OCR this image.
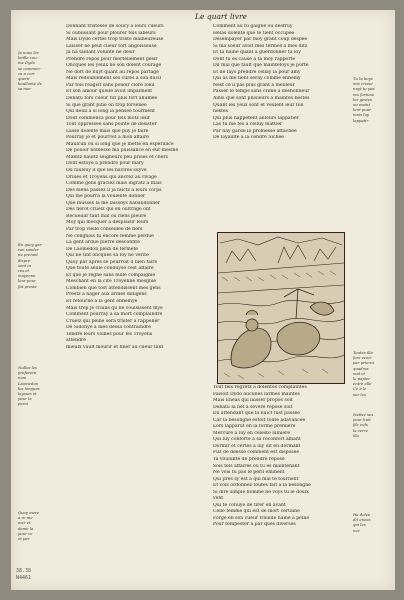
Le quart livre
Ja nous les
baille cou-
me Dydo
se commen-
ca a con-
querir
boullante de
sa mer
En quoy gar-
ron ronder
ne prenoit
dispre-
sent in
res et
moyenne
leur pour
fut preste
Nulles les
preferera
nom
Laomedon
les longues
laysses et
pour la
paroi
Quoy mere
a re me
mer et
dame la
pour ce
et par
Donnant tristesse de soucy a leurs cueurs
Si oublissant pour plourer tels labeurs
Mais Dydo certes trop triste malheureuse
Laisser ne peut cueur fort angoisseuse
Ja na taillant volunte ne desir
Prendre repos pour mortellement gesir
Oncques les yeulx ne son dolent courage
Ne dort de nuyt quant au repos partage
Mais redoublement ses cures a son ducil
Par fois reagist sans pouoir clore loeil
Et son amour quelle avoit impaiment
Debatu fors cueur fut plus fort allumee
Si que grant pitie on trop forsenee
Qui deuil a si long la pensee tourment
Dont commenca pour tels motz issir
Tout oppressee sans pointe de desister
Lasse dolente mais que puy je faire
Pourray je et pourroit a mon affaire
Maulcun ou si long que je mette en esperance
De pouoir noblesse ma puissance en eur mesme
Maintz haultz seigneurs peu prises et chers
Dont estoye a prendre pour mary
Ou faulsuy il que les navires suyve
Oriues et Troyens qui ancrez au rivage
Comme gens graciez mais ingratz a mais
Des biens passez il ja faictz a leurs corps
Qui me pourra la voulente donner
Que musses la me laissoys habandonner
Des fierot cruelz qui en oultrage ont
Recueillir tant mal ou riens pleure
Moy qui mocquer a desplaisir leurs
Par trop vielle conseillee de fiers
Ne congnois tu encore femme perdue
La gent ardue pierre desconfite
De Laomedon plein de fermete
Qui ne tint oncques sa foy ne verite
Quoy par apres se pourroit il bien faire
Que toute seule conduyse cest affaire
Et que je regne sans nulle compaignie
Meschant en la cite Troyenne mesgnie
Combien que tost attendissent mes gens
Prestz a nager aux armes dilligens
Et retourne a la gent ennemye
Mais trop je crains qu ne voulsissent mye
Comment pourray a sa mort complaindre
Cruelz qui peine sera traiter a rappeller
De Sidonye a mes dessa contraindre
Tendre leurs voilles pour les Troyens
attendre
mieulx vault mourir et finer au cueur tant
Comment au tu gaigne ou destruy
Helas dolente que te tient occupee
Desempayer par moy grant coup despee
Si ma soeur avoit mes termes a mes ditz
Et ta haine quant a guerdonner ta loy
Dont tu es cause a ta moy rapporte
Du mal que fault que maintefoys je porte
Et ne fays prendre cellay la pour amy
Qui as me tient seray comme ennemy
Nest ce il pas plus grant a meilleur
Passer le temps sans crime a deshonneur
Ainsi que sont plusieurs a maintes bestes
Quant les yeux sont et veulent leur fon
nestes
Qui plus nappetent ailleurs lappatier
Las tu me fes a celluy mattier
Par nay garde la promesse attachee
De loyaulte a la cendre Sichee
Tout tels regretz a dolentes complaintes
Faisoit Dydo aucunes larmes maintes
Mais Eneas qui laisser propos soit
Debatu la nef a severe repose soit
En attendant que la nuict fust passee
Car la besongne estoit toute adavancee
Lors lapparut en la forme premiere
Mercure a luy en celeste lumiere
Qui luy conforte a sa reconfort amant
Dormir et certes a luy dit en dormant
Filz de deesse comment est disposee
Ta voulunte de prendre repose
Sois tels affaires ou tu es maintenant
Ne vois tu pas le peril eminent
Qui pres sy est a qui mal te tournent
Et vois ordonnez toutes fait a la besongne
Si dire simple homme ne voys tu le doulx
vent
Qui te conuye de tirer en avant
Celle femme qui est de mort certaine
Forge en son cueur fraulde haine a peine
Pour tempester a par ques diverses
Tu la boys
mis croise
nuyt tu pas
ma fortune
les gestes
ou maint
leur pour
mais luy
lappatir
Toutes illa
fors veoir
par prieres
quadras
mal et
le papier
entre elle
Ce a le
sur les
Nattez ses
pour huit
filz euls
la cerre
illa
Ha dolee
dit eneas
qui les
nez
38.38
N4461
